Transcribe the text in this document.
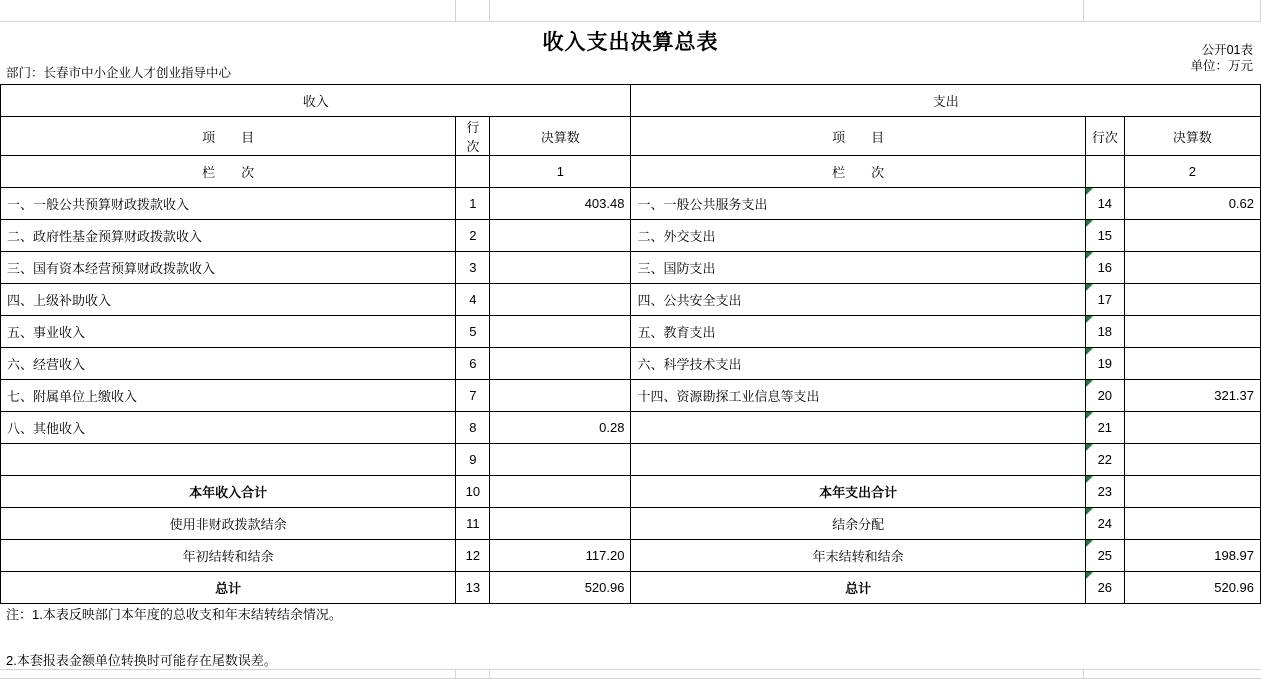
收入支出决算总表	公开01表
单位：万元
部门：长春市中小企业人才创业指导中心
收入			支出		
项　　目	行次	决算数	项　　目	行次	决算数
栏　　次		1	栏　　次		2
一、一般公共预算财政拨款收入	1	403.48	一、一般公共服务支出	14	0.62
二、政府性基金预算财政拨款收入	2		二、外交支出	15	
三、国有资本经营预算财政拨款收入	3		三、国防支出	16	
四、上级补助收入	4		四、公共安全支出	17	
五、事业收入	5		五、教育支出	18	
六、经营收入	6		六、科学技术支出	19	
七、附属单位上缴收入	7		十四、资源勘探工业信息等支出	20	321.37
八、其他收入	8	0.28		21	
	9			22	
本年收入合计	10		本年支出合计	23	
使用非财政拨款结余	11		结余分配	24	
年初结转和结余	12	117.20	年末结转和结余	25	198.97
总计	13	520.96	总计	26	520.96
注：1.本表反映部门本年度的总收支和年末结转结余情况。
2.本套报表金额单位转换时可能存在尾数误差。
